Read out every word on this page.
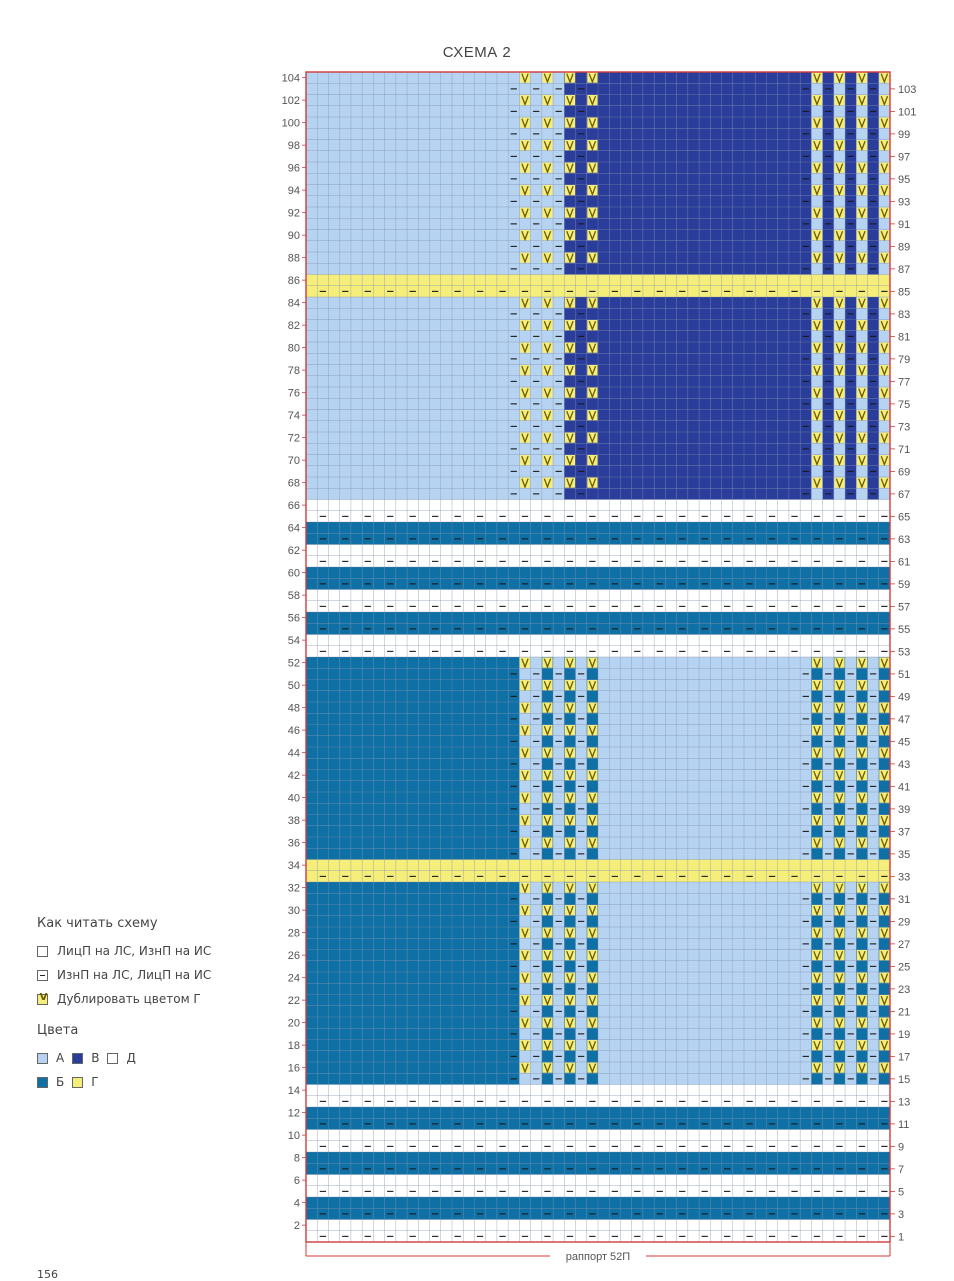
СХЕМА 2
104
102
100
98
96
94
92
90
88
86
84
82
80
78
76
74
72
70
68
66
64
62
60
58
56
54
52
50
48
46
44
42
40
38
36
34
32
30
28
26
24
22
20
18
16
14
12
10
8
6
4
2
103
101
99
97
95
93
91
89
87
85
83
81
79
77
75
73
71
69
67
65
63
61
59
57
55
53
51
49
47
45
43
41
39
37
35
33
31
29
27
25
23
21
19
17
15
13
11
9
7
5
3
1
раппорт 52П
Как читать схему
ЛицП на ЛС, ИзнП на ИС
ИзнП на ЛС, ЛицП на ИС
V Дублировать цветом Г
Цвета
А В Д
Б Г
156
